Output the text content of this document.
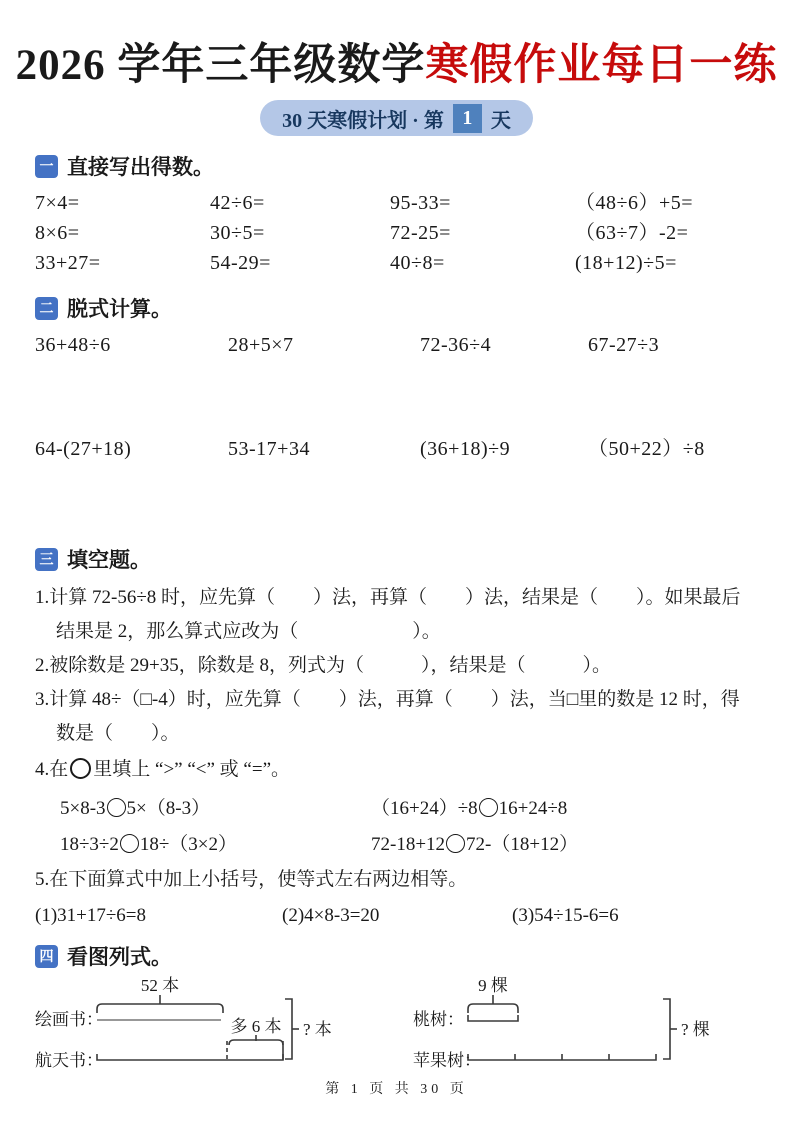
2026 学年三年级数学寒假作业每日一练
30 天寒假计划 · 第 1 天
一 直接写出得数。
7×4=	42÷6=	95-33=	（48÷6）+5=
8×6=	30÷5=	72-25=	（63÷7）-2=
33+27=	54-29=	40÷8=	(18+12)÷5=
二 脱式计算。
36+48÷6	28+5×7	72-36÷4	67-27÷3
64-(27+18)	53-17+34	(36+18)÷9	（50+22）÷8
三 填空题。
1.计算 72-56÷8 时，应先算（　　）法，再算（　　）法，结果是（　　）。如果最后结果是 2，那么算式应改为（　　　　　　）。
2.被除数是 29+35，除数是 8，列式为（　　　），结果是（　　　）。
3.计算 48÷（□-4）时，应先算（　　）法，再算（　　）法，当□里的数是 12 时，得数是（　　）。
4.在 里填上 “>” “<” 或 “=”。
5×8-3 5×（8-3）	（16+24）÷8 16+24÷8
18÷3÷2 18÷（3×2）	72-18+12 72-（18+12）
5.在下面算式中加上小括号，使等式左右两边相等。
(1)31+17÷6=8	(2)4×8-3=20	(3)54÷15-6=6
四 看图列式。
52 本
绘画书：	多 6 本
航天书：
? 本
9 棵
桃树：
苹果树：
? 棵
第 1 页 共 30 页
